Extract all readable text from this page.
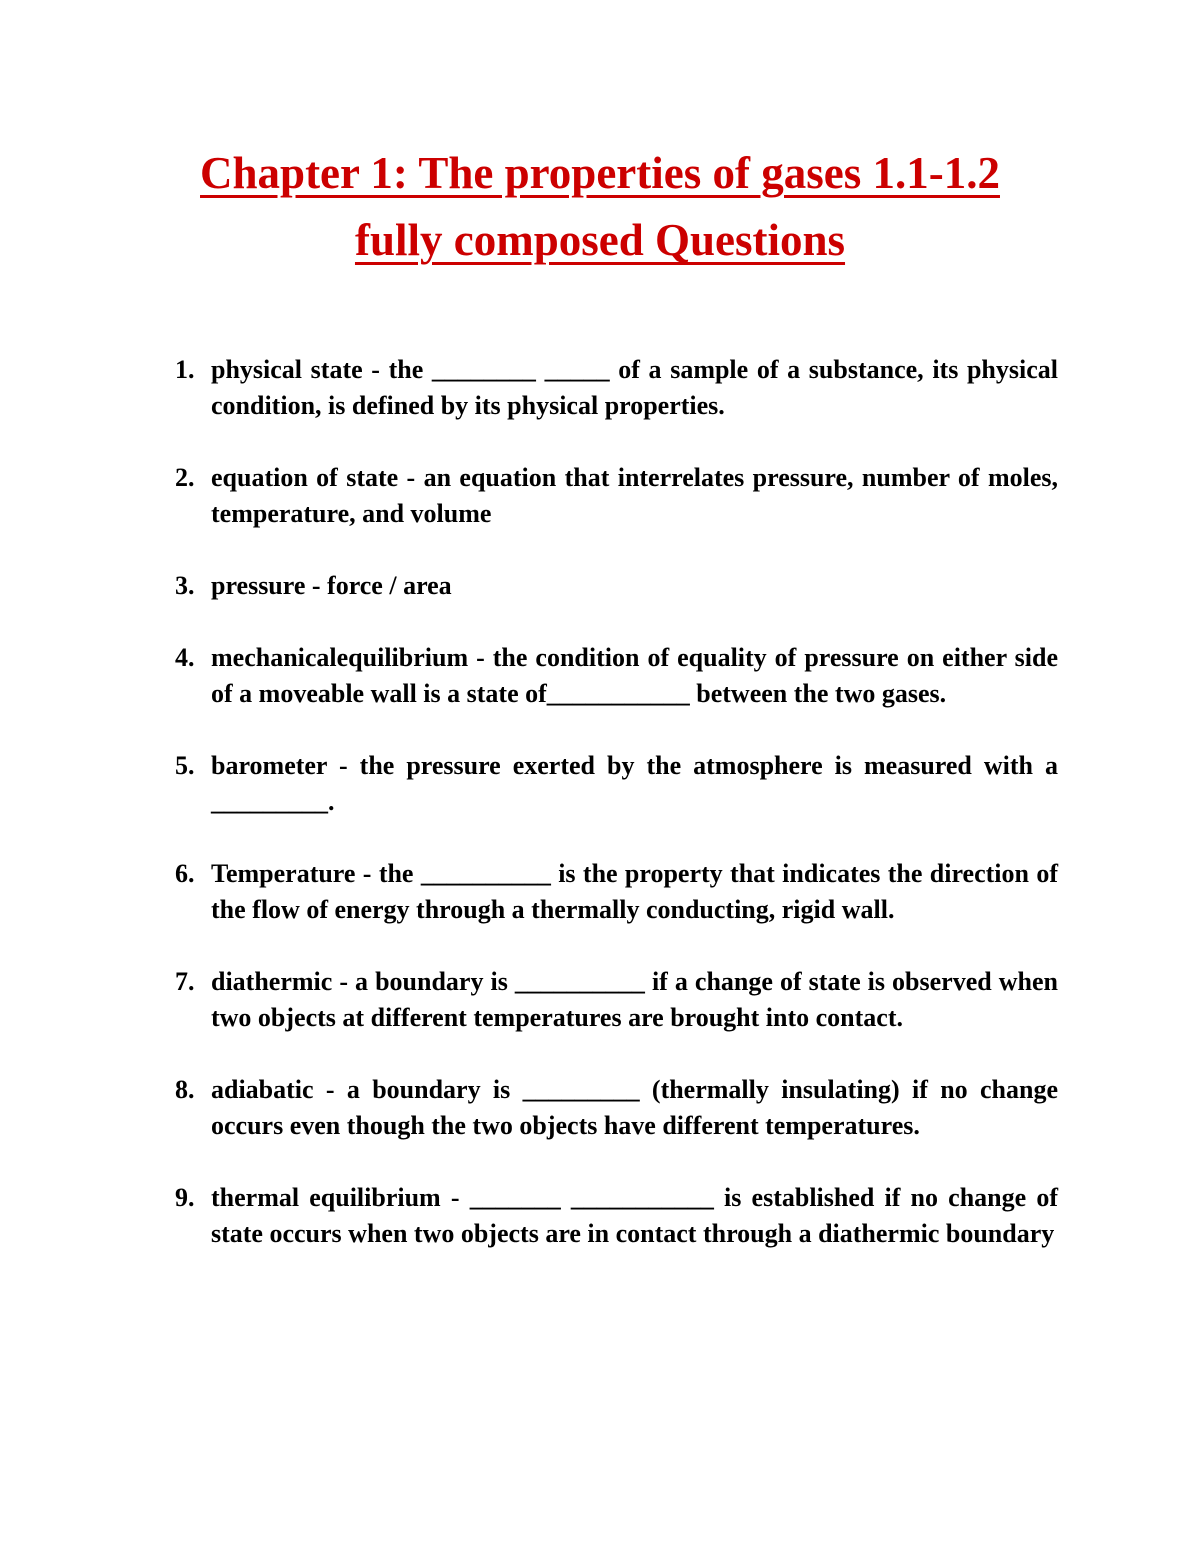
Chapter 1: The properties of gases 1.1-1.2
fully composed Questions
1. physical state - the ________ _____ of a sample of a substance, its physical condition, is defined by its physical properties.
2. equation of state - an equation that interrelates pressure, number of moles, temperature, and volume
3. pressure - force / area
4. mechanicalequilibrium - the condition of equality of pressure on either side of a moveable wall is a state of___________ between the two gases.
5. barometer - the pressure exerted by the atmosphere is measured with a _________.
6. Temperature - the __________ is the property that indicates the direction of the flow of energy through a thermally conducting, rigid wall.
7. diathermic - a boundary is __________ if a change of state is observed when two objects at different temperatures are brought into contact.
8. adiabatic - a boundary is _________ (thermally insulating) if no change occurs even though the two objects have different temperatures.
9. thermal equilibrium - _______ ___________ is established if no change of state occurs when two objects are in contact through a diathermic boundary
